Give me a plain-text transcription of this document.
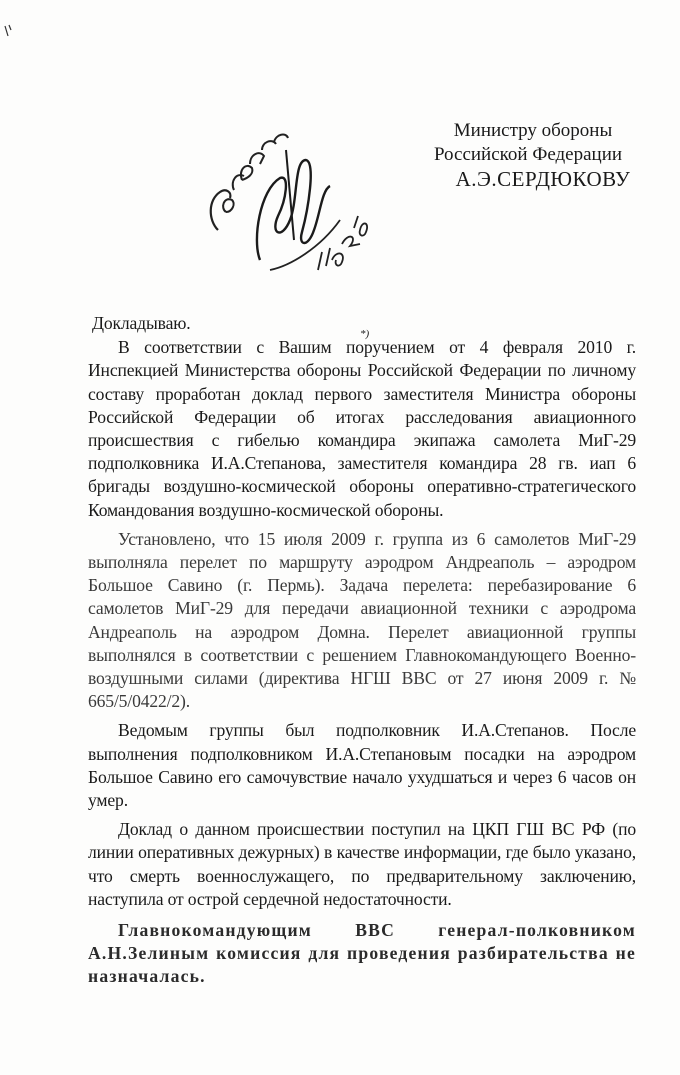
Министру обороны
Российской Федерации
А.Э.СЕРДЮКОВУ
*)

Докладываю.

В соответствии с Вашим поручением от 4 февраля 2010 г. Инспекцией Министерства обороны Российской Федерации по личному составу проработан доклад первого заместителя Министра обороны Российской Федерации об итогах расследования авиационного происшествия с гибелью командира экипажа самолета МиГ-29 подполковника И.А.Степанова, заместителя командира 28 гв. иап 6 бригады воздушно-космической обороны оперативно-стратегического Командования воздушно-космической обороны.

Установлено, что 15 июля 2009 г. группа из 6 самолетов МиГ-29 выполняла перелет по маршруту аэродром Андреаполь – аэродром Большое Савино (г. Пермь). Задача перелета: перебазирование 6 самолетов МиГ-29 для передачи авиационной техники с аэродрома Андреаполь на аэродром Домна. Перелет авиационной группы выполнялся в соответствии с решением Главнокомандующего Военно-воздушными силами (директива НГШ ВВС от 27 июня 2009 г. № 665/5/0422/2).

Ведомым группы был подполковник И.А.Степанов. После выполнения подполковником И.А.Степановым посадки на аэродром Большое Савино его самочувствие начало ухудшаться и через 6 часов он умер.

Доклад о данном происшествии поступил на ЦКП ГШ ВС РФ (по линии оперативных дежурных) в качестве информации, где было указано, что смерть военнослужащего, по предварительному заключению, наступила от острой сердечной недостаточности.

Главнокомандующим ВВС генерал-полковником А.Н.Зелиным комиссия для проведения разбирательства не назначалась.
